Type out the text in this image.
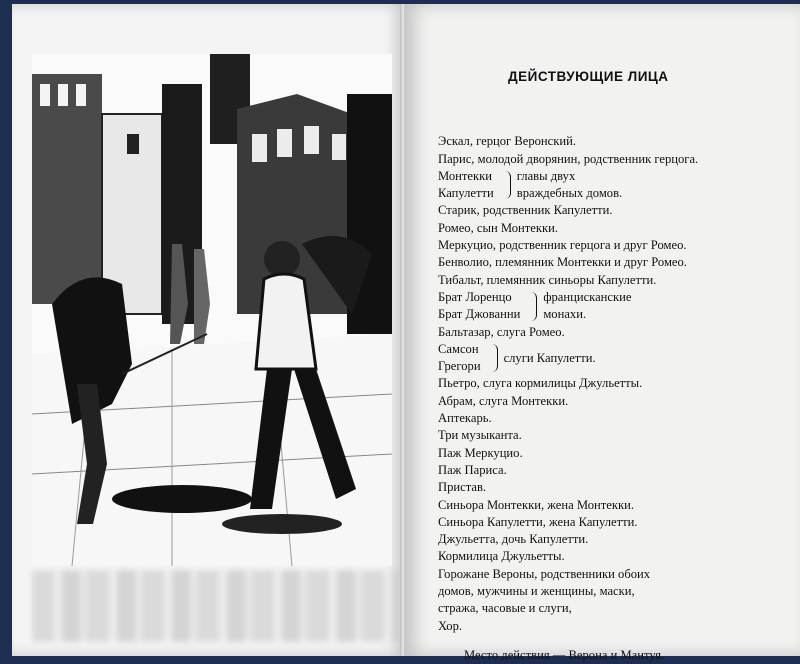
ДЕЙСТВУЮЩИЕ ЛИЦА
Эскал, герцог Веронский.
Парис, молодой дворянин, родственник герцога.
Монтекки
Капулетти
главы двух
враждебных домов.
Старик, родственник Капулетти.
Ромео, сын Монтекки.
Меркуцио, родственник герцога и друг Ромео.
Бенволио, племянник Монтекки и друг Ромео.
Тибальт, племянник синьоры Капулетти.
Брат Лоренцо
Брат Джованни
францисканские
монахи.
Бальтазар, слуга Ромео.
Самсон
Грегори
слуги Капулетти.
Пьетро, слуга кормилицы Джульетты.
Абрам, слуга Монтекки.
Аптекарь.
Три музыканта.
Паж Меркуцио.
Паж Париса.
Пристав.
Синьора Монтекки, жена Монтекки.
Синьора Капулетти, жена Капулетти.
Джульетта, дочь Капулетти.
Кормилица Джульетты.
Горожане Вероны, родственники обоих
домов, мужчины и женщины, маски,
стража, часовые и слуги,
Хор.
Место действия — Верона и Мантуя.
